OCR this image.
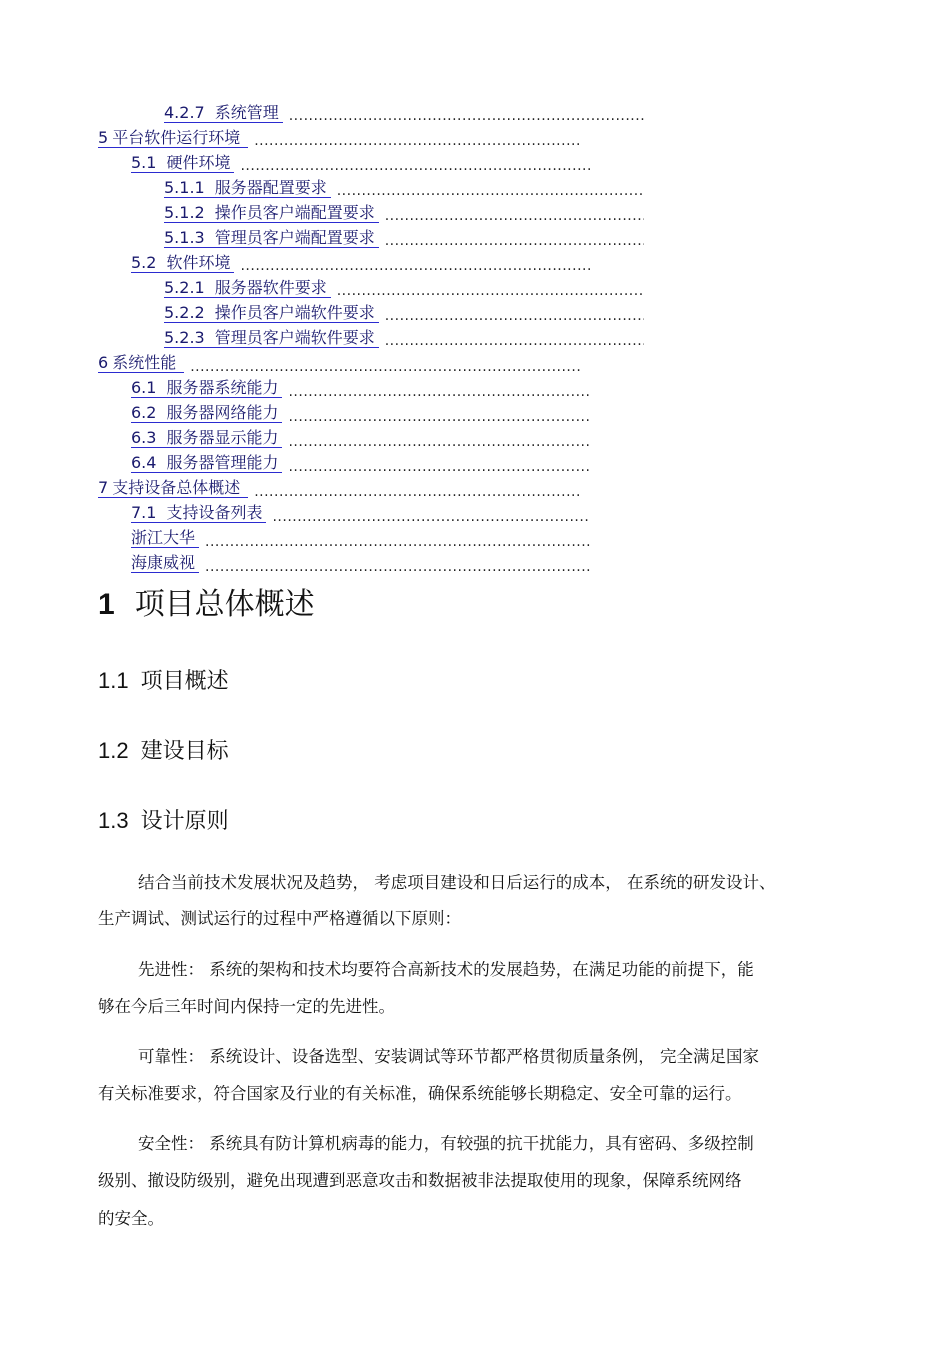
4.2.7 系统管理
.....
5 平台软件运行环境
.....
5.1 硬件环境
.....
5.1.1 服务器配置要求
.....
5.1.2 操作员客户端配置要求
.....
5.1.3 管理员客户端配置要求
.....
5.2 软件环境
.....
5.2.1 服务器软件要求
.....
5.2.2 操作员客户端软件要求
.....
5.2.3 管理员客户端软件要求
.....
6 系统性能
.....
6.1 服务器系统能力
.....
6.2 服务器网络能力
.....
6.3 服务器显示能力
.....
6.4 服务器管理能力
.....
7 支持设备总体概述
.....
7.1 支持设备列表
.....
浙江大华
.....
海康威视
.....
1 项目总体概述
1.1 项目概述
1.2 建设目标
1.3 设计原则
结合当前技术发展状况及趋势， 考虑项目建设和日后运行的成本， 在系统的研发设计、
生产调试、测试运行的过程中严格遵循以下原则：
先进性： 系统的架构和技术均要符合高新技术的发展趋势，在满足功能的前提下，能
够在今后三年时间内保持一定的先进性。
可靠性： 系统设计、设备选型、安装调试等环节都严格贯彻质量条例， 完全满足国家
有关标准要求，符合国家及行业的有关标准，确保系统能够长期稳定、安全可靠的运行。
安全性： 系统具有防计算机病毒的能力，有较强的抗干扰能力，具有密码、多级控制
级别、撤设防级别，避免出现遭到恶意攻击和数据被非法提取使用的现象，保障系统网络
的安全。
